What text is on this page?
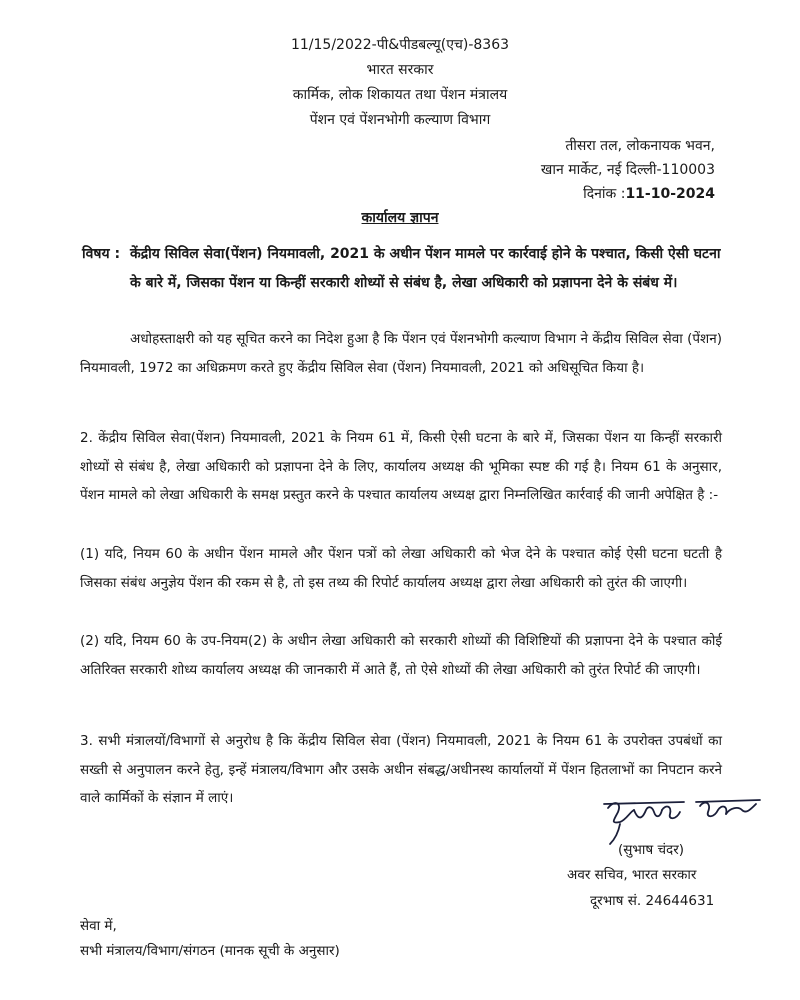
11/15/2022-पी&पीडबल्यू(एच)-8363
भारत सरकार
कार्मिक, लोक शिकायत तथा पेंशन मंत्रालय
पेंशन एवं पेंशनभोगी कल्याण विभाग
तीसरा तल, लोकनायक भवन,
खान मार्केट, नई दिल्ली-110003
दिनांक :11-10-2024
कार्यालय ज्ञापन
विषय : केंद्रीय सिविल सेवा(पेंशन) नियमावली, 2021 के अधीन पेंशन मामले पर कार्रवाई होने के पश्चात, किसी ऐसी घटना के बारे में, जिसका पेंशन या किन्हीं सरकारी शोध्यों से संबंध है, लेखा अधिकारी को प्रज्ञापना देने के संबंध में।
अधोहस्ताक्षरी को यह सूचित करने का निदेश हुआ है कि पेंशन एवं पेंशनभोगी कल्याण विभाग ने केंद्रीय सिविल सेवा (पेंशन) नियमावली, 1972 का अधिक्रमण करते हुए केंद्रीय सिविल सेवा (पेंशन) नियमावली, 2021 को अधिसूचित किया है।
2. केंद्रीय सिविल सेवा(पेंशन) नियमावली, 2021 के नियम 61 में, किसी ऐसी घटना के बारे में, जिसका पेंशन या किन्हीं सरकारी शोध्यों से संबंध है, लेखा अधिकारी को प्रज्ञापना देने के लिए, कार्यालय अध्यक्ष की भूमिका स्पष्ट की गई है। नियम 61 के अनुसार, पेंशन मामले को लेखा अधिकारी के समक्ष प्रस्तुत करने के पश्चात कार्यालय अध्यक्ष द्वारा निम्नलिखित कार्रवाई की जानी अपेक्षित है :-
(1) यदि, नियम 60 के अधीन पेंशन मामले और पेंशन पत्रों को लेखा अधिकारी को भेज देने के पश्चात कोई ऐसी घटना घटती है जिसका संबंध अनुज्ञेय पेंशन की रकम से है, तो इस तथ्य की रिपोर्ट कार्यालय अध्यक्ष द्वारा लेखा अधिकारी को तुरंत की जाएगी।
(2) यदि, नियम 60 के उप-नियम(2) के अधीन लेखा अधिकारी को सरकारी शोध्यों की विशिष्टियों की प्रज्ञापना देने के पश्चात कोई अतिरिक्त सरकारी शोध्य कार्यालय अध्यक्ष की जानकारी में आते हैं, तो ऐसे शोध्यों की लेखा अधिकारी को तुरंत रिपोर्ट की जाएगी।
3. सभी मंत्रालयों/विभागों से अनुरोध है कि केंद्रीय सिविल सेवा (पेंशन) नियमावली, 2021 के नियम 61 के उपरोक्त उपबंधों का सख्ती से अनुपालन करने हेतु, इन्हें मंत्रालय/विभाग और उसके अधीन संबद्ध/अधीनस्थ कार्यालयों में पेंशन हितलाभों का निपटान करने वाले कार्मिकों के संज्ञान में लाएं।
(सुभाष चंदर)
अवर सचिव, भारत सरकार
दूरभाष सं. 24644631
सेवा में,
सभी मंत्रालय/विभाग/संगठन (मानक सूची के अनुसार)
